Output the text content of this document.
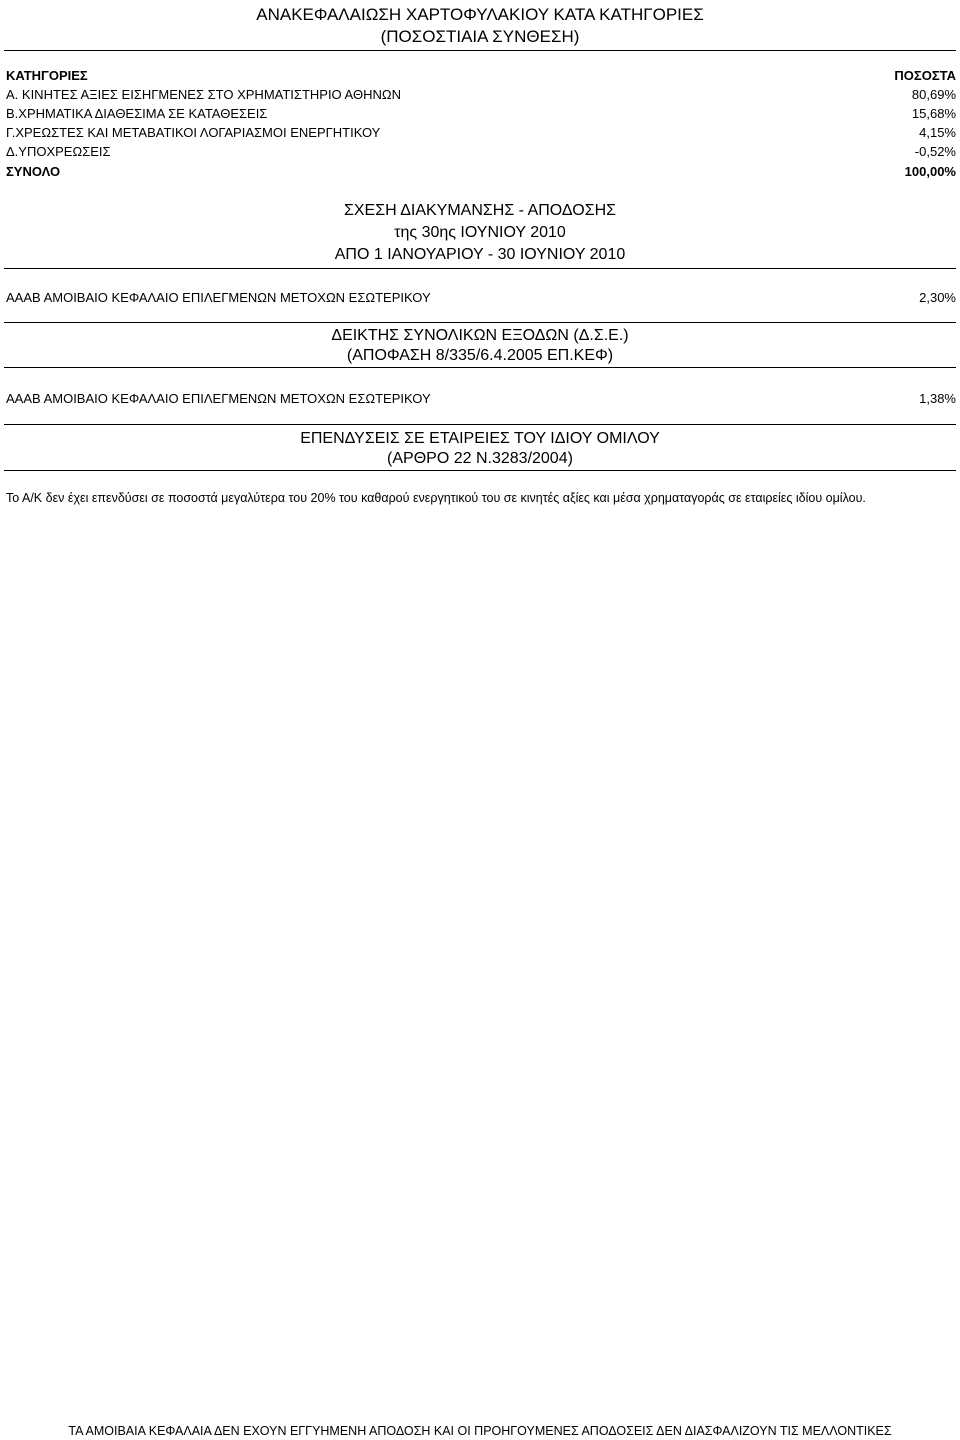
ΑΝΑΚΕΦΑΛΑΙΩΣΗ ΧΑΡΤΟΦΥΛΑΚΙΟΥ ΚΑΤΑ ΚΑΤΗΓΟΡΙΕΣ
(ΠΟΣΟΣΤΙΑΙΑ ΣΥΝΘΕΣΗ)
ΚΑΤΗΓΟΡΙΕΣ	ΠΟΣΟΣΤΑ
Α. ΚΙΝΗΤΕΣ ΑΞΙΕΣ ΕΙΣΗΓΜΕΝΕΣ ΣΤΟ ΧΡΗΜΑΤΙΣΤΗΡΙΟ ΑΘΗΝΩΝ	80,69%
Β.ΧΡΗΜΑΤΙΚΑ ΔΙΑΘΕΣΙΜΑ ΣΕ ΚΑΤΑΘΕΣΕΙΣ	15,68%
Γ.ΧΡΕΩΣΤΕΣ ΚΑΙ ΜΕΤΑΒΑΤΙΚΟΙ ΛΟΓΑΡΙΑΣΜΟΙ ΕΝΕΡΓΗΤΙΚΟΥ	4,15%
Δ.ΥΠΟΧΡΕΩΣΕΙΣ	-0,52%
ΣΥΝΟΛΟ	100,00%
ΣΧΕΣΗ ΔΙΑΚΥΜΑΝΣΗΣ - ΑΠΟΔΟΣΗΣ
της 30ης ΙΟΥΝΙΟΥ 2010
ΑΠΟ 1 ΙΑΝΟΥΑΡΙΟΥ - 30 ΙΟΥΝΙΟΥ 2010
ΑΑΑΒ ΑΜΟΙΒΑΙΟ ΚΕΦΑΛΑΙΟ ΕΠΙΛΕΓΜΕΝΩΝ ΜΕΤΟΧΩΝ ΕΣΩΤΕΡΙΚΟΥ	2,30%
ΔΕΙΚΤΗΣ ΣΥΝΟΛΙΚΩΝ ΕΞΟΔΩΝ (Δ.Σ.Ε.)
(ΑΠΟΦΑΣΗ 8/335/6.4.2005 ΕΠ.ΚΕΦ)
ΑΑΑΒ ΑΜΟΙΒΑΙΟ ΚΕΦΑΛΑΙΟ ΕΠΙΛΕΓΜΕΝΩΝ ΜΕΤΟΧΩΝ ΕΣΩΤΕΡΙΚΟΥ	1,38%
ΕΠΕΝΔΥΣΕΙΣ ΣΕ ΕΤΑΙΡΕΙΕΣ ΤΟΥ ΙΔΙΟΥ ΟΜΙΛΟΥ
(ΑΡΘΡΟ 22 Ν.3283/2004)
Το Α/Κ δεν έχει επενδύσει σε ποσοστά μεγαλύτερα του 20% του καθαρού ενεργητικού του σε κινητές αξίες και μέσα χρηματαγοράς σε εταιρείες ιδίου ομίλου.
ΤΑ ΑΜΟΙΒΑΙΑ ΚΕΦΑΛΑΙΑ ΔΕΝ ΕΧΟΥΝ ΕΓΓΥΗΜΕΝΗ ΑΠΟΔΟΣΗ ΚΑΙ ΟΙ ΠΡΟΗΓΟΥΜΕΝΕΣ ΑΠΟΔΟΣΕΙΣ ΔΕΝ ΔΙΑΣΦΑΛΙΖΟΥΝ ΤΙΣ ΜΕΛΛΟΝΤΙΚΕΣ
